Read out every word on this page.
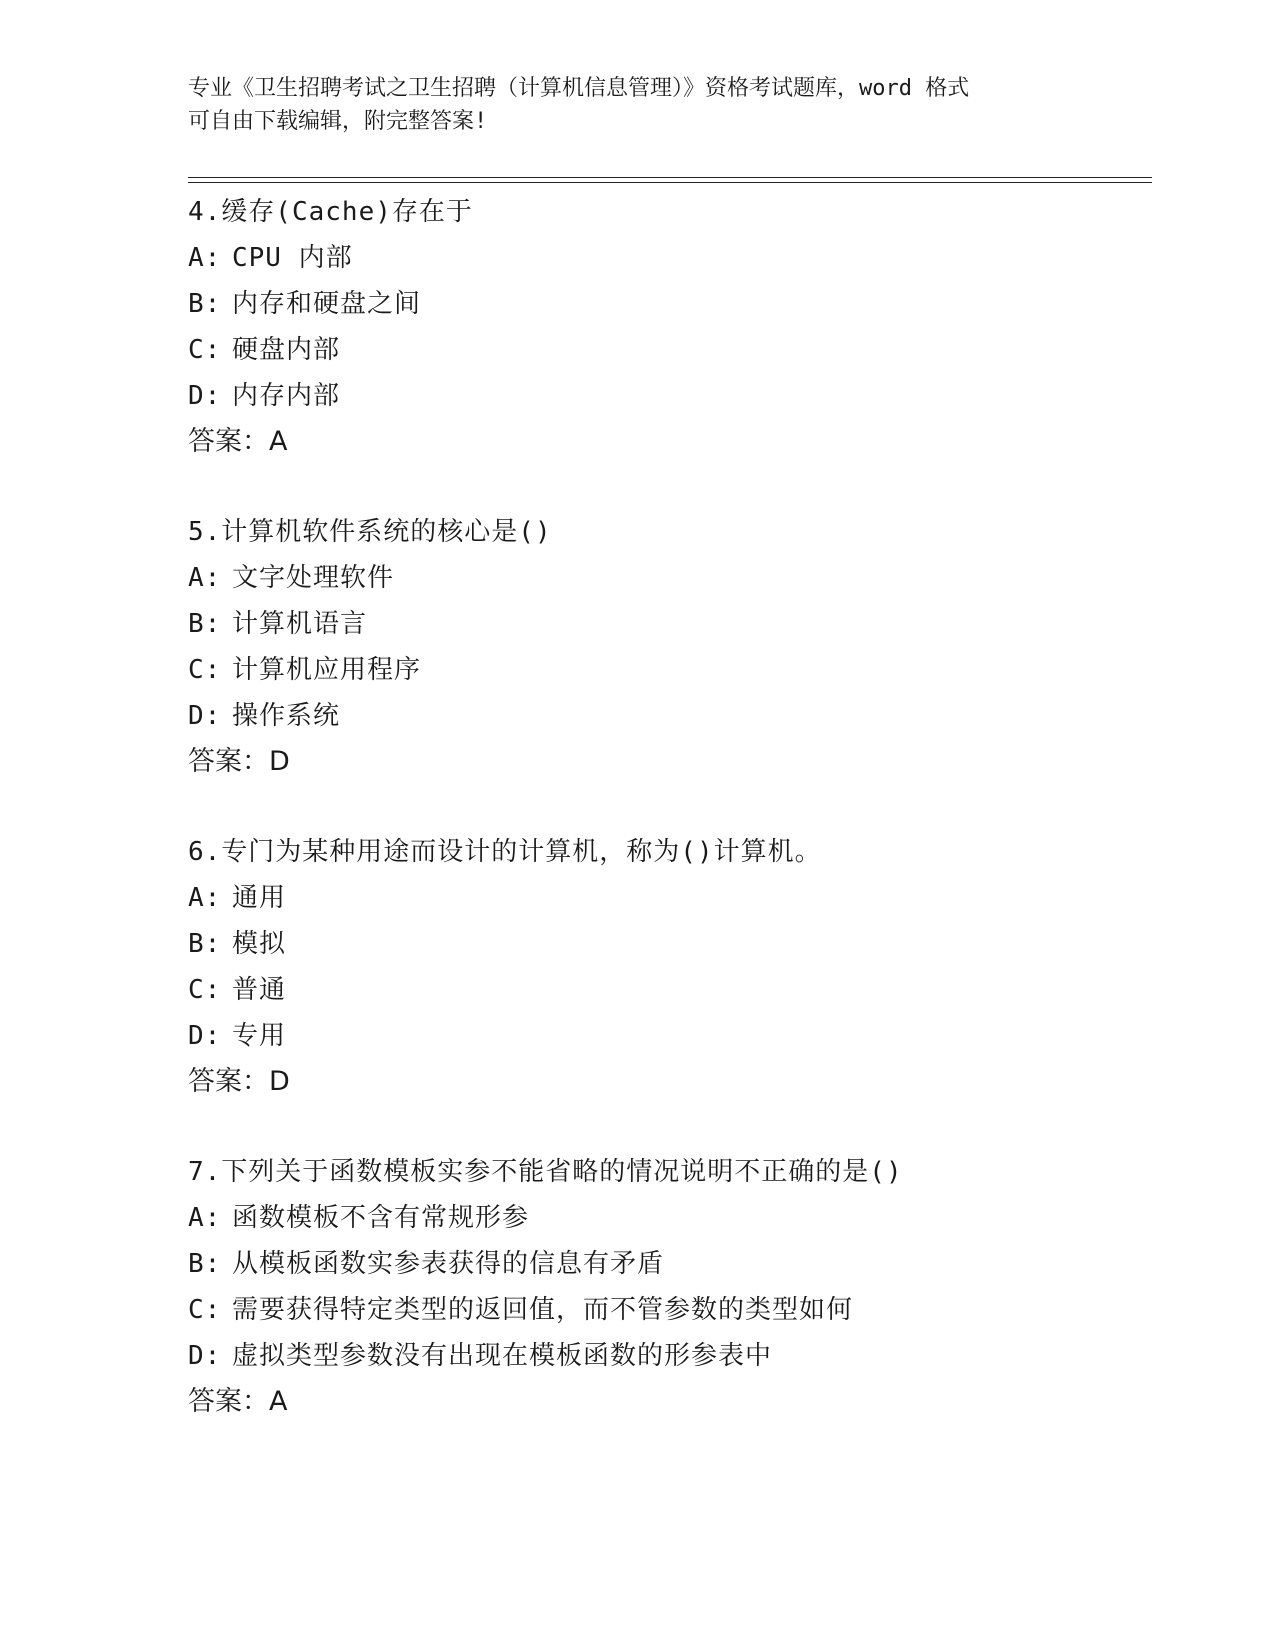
专业《卫生招聘考试之卫生招聘（计算机信息管理）》资格考试题库，word 格式
可自由下载编辑，附完整答案!
4.缓存(Cache)存在于
A: CPU 内部
B: 内存和硬盘之间
C: 硬盘内部
D: 内存内部
答案：A
5.计算机软件系统的核心是()
A: 文字处理软件
B: 计算机语言
C: 计算机应用程序
D: 操作系统
答案：D
6.专门为某种用途而设计的计算机，称为()计算机。
A: 通用
B: 模拟
C: 普通
D: 专用
答案：D
7.下列关于函数模板实参不能省略的情况说明不正确的是()
A: 函数模板不含有常规形参
B: 从模板函数实参表获得的信息有矛盾
C: 需要获得特定类型的返回值，而不管参数的类型如何
D: 虚拟类型参数没有出现在模板函数的形参表中
答案：A
